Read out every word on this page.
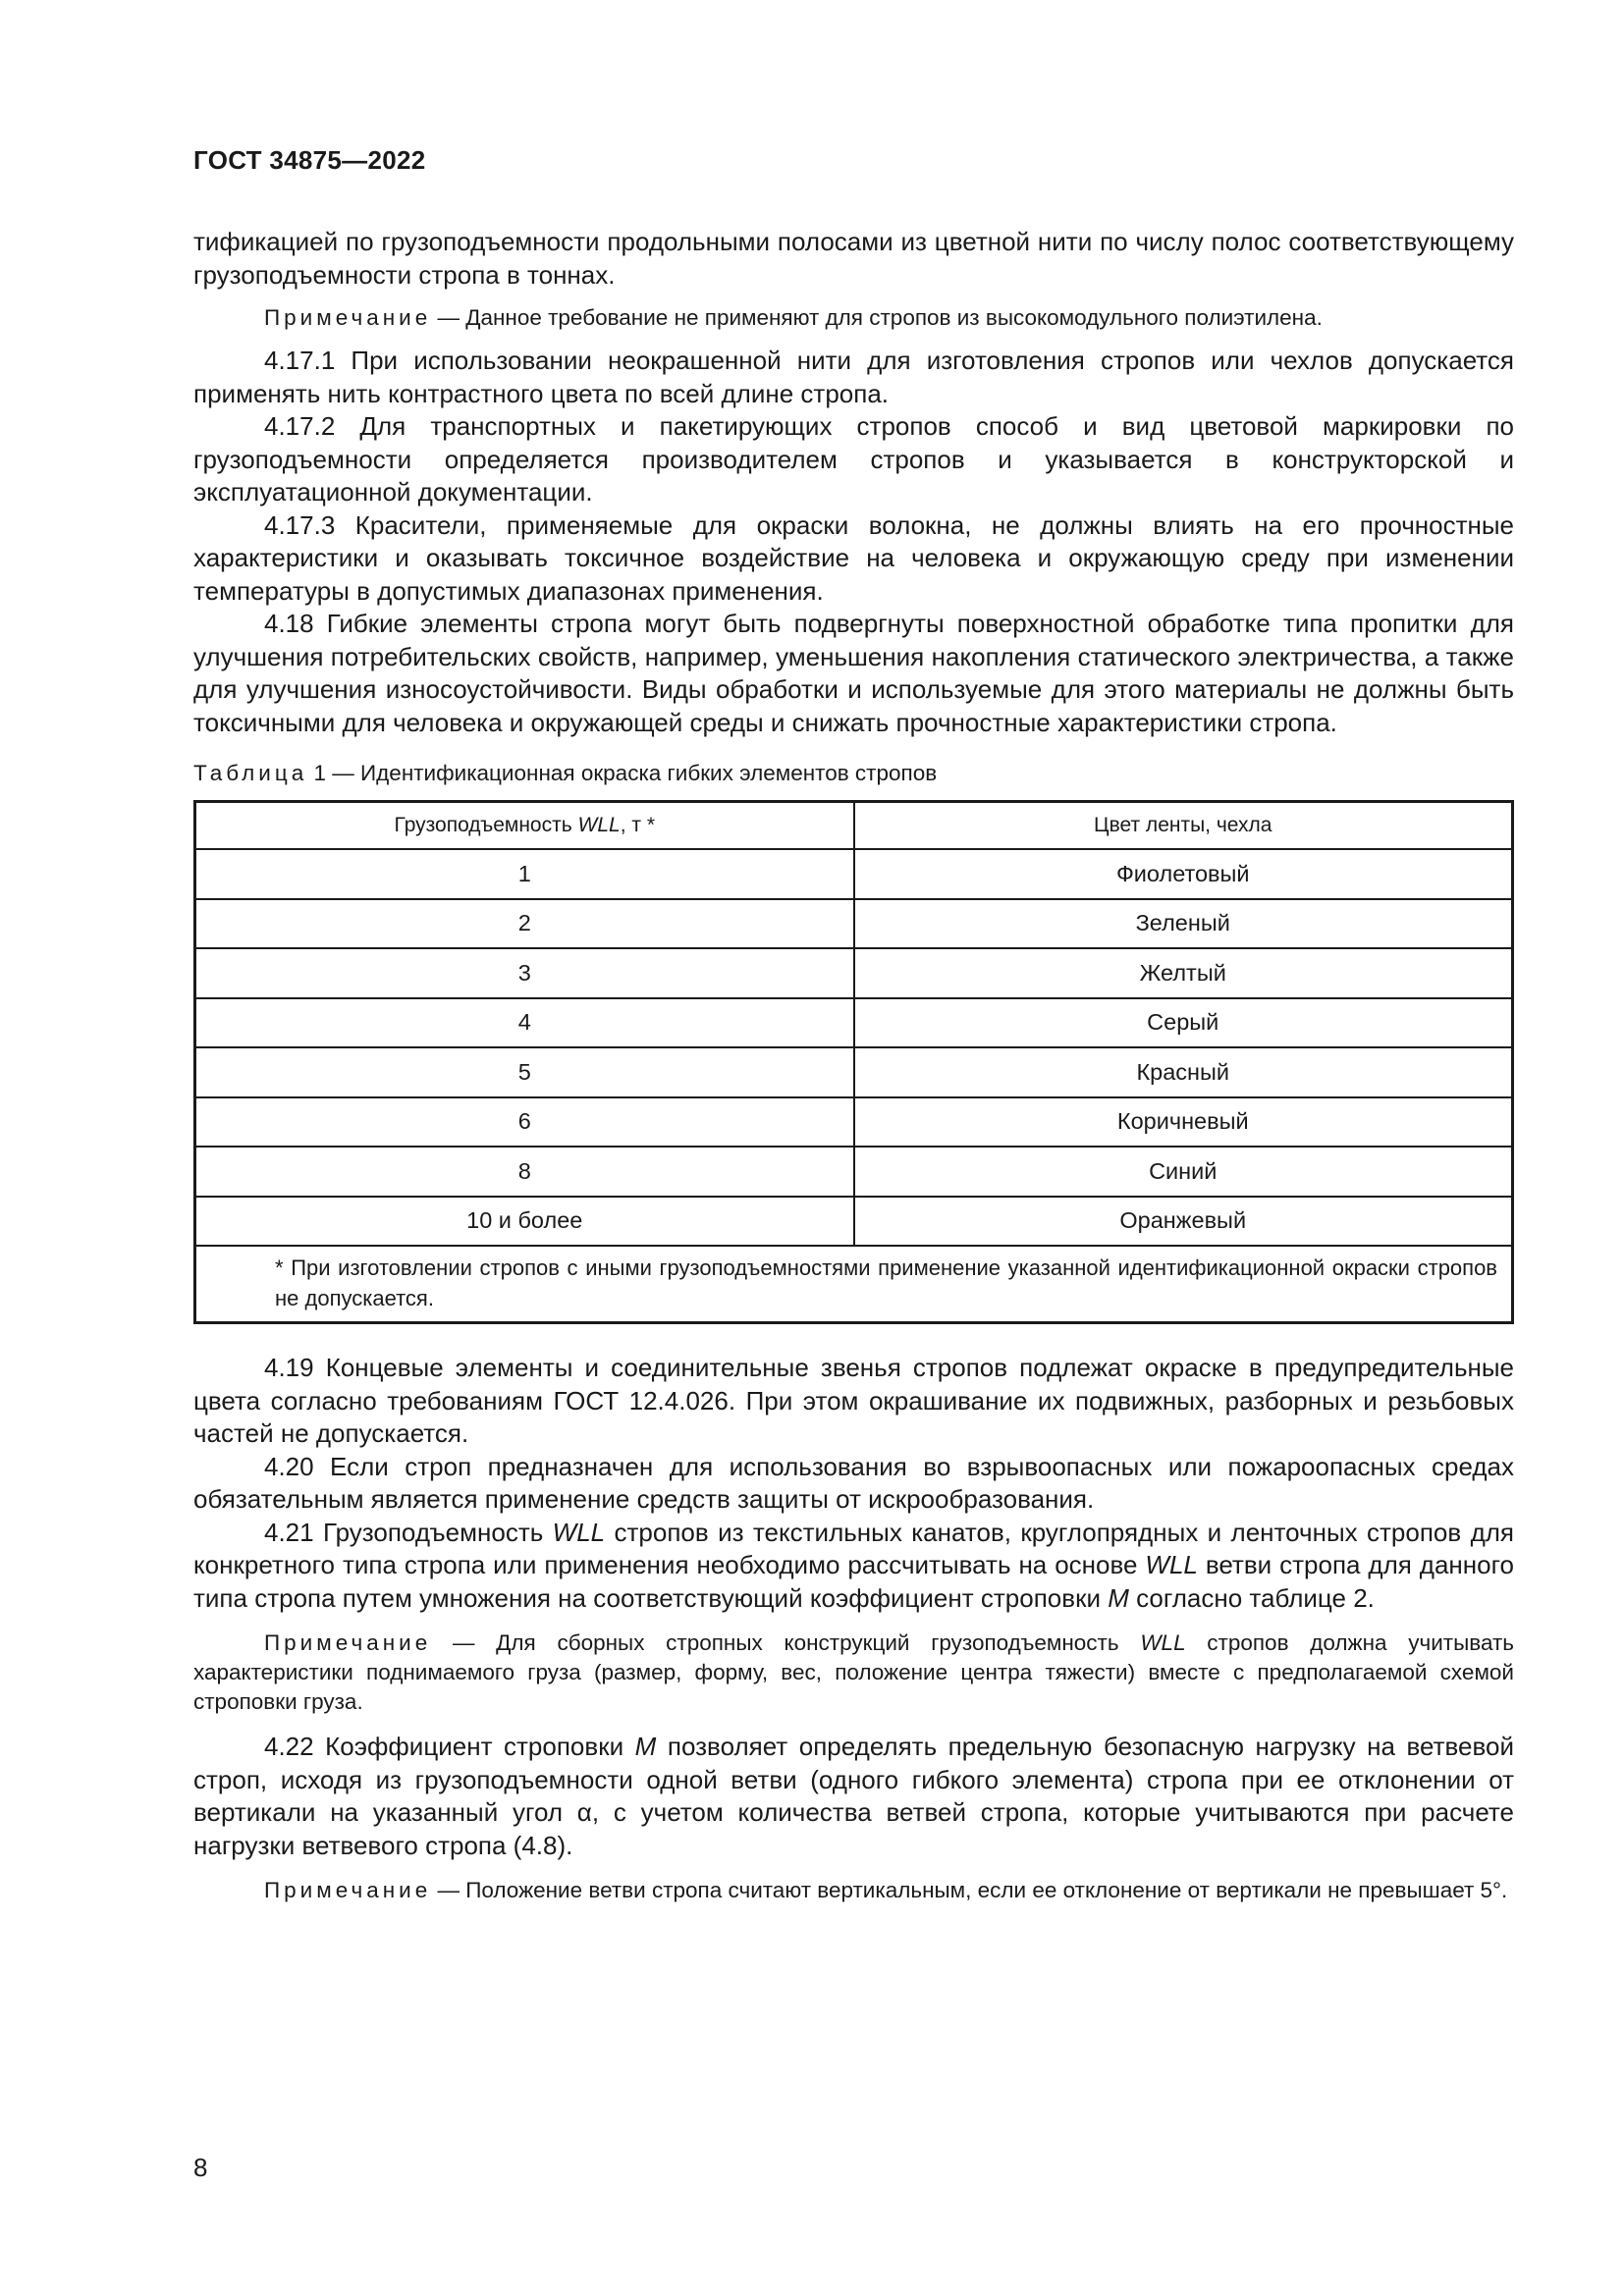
ГОСТ 34875—2022

тификацией по грузоподъемности продольными полосами из цветной нити по числу полос соответствующему грузоподъемности стропа в тоннах.

Примечание — Данное требование не применяют для стропов из высокомодульного полиэтилена.

4.17.1 При использовании неокрашенной нити для изготовления стропов или чехлов допускается применять нить контрастного цвета по всей длине стропа.

4.17.2 Для транспортных и пакетирующих стропов способ и вид цветовой маркировки по грузоподъемности определяется производителем стропов и указывается в конструкторской и эксплуатационной документации.

4.17.3 Красители, применяемые для окраски волокна, не должны влиять на его прочностные характеристики и оказывать токсичное воздействие на человека и окружающую среду при изменении температуры в допустимых диапазонах применения.

4.18 Гибкие элементы стропа могут быть подвергнуты поверхностной обработке типа пропитки для улучшения потребительских свойств, например, уменьшения накопления статического электричества, а также для улучшения износоустойчивости. Виды обработки и используемые для этого материалы не должны быть токсичными для человека и окружающей среды и снижать прочностные характеристики стропа.

Таблица 1 — Идентификационная окраска гибких элементов стропов

Грузоподъемность WLL, т *	Цвет ленты, чехла
1	Фиолетовый
2	Зеленый
3	Желтый
4	Серый
5	Красный
6	Коричневый
8	Синий
10 и более	Оранжевый
* При изготовлении стропов с иными грузоподъемностями применение указанной идентификационной окраски стропов не допускается.	

4.19 Концевые элементы и соединительные звенья стропов подлежат окраске в предупредительные цвета согласно требованиям ГОСТ 12.4.026. При этом окрашивание их подвижных, разборных и резьбовых частей не допускается.

4.20 Если строп предназначен для использования во взрывоопасных или пожароопасных средах обязательным является применение средств защиты от искрообразования.

4.21 Грузоподъемность WLL стропов из текстильных канатов, круглопрядных и ленточных стропов для конкретного типа стропа или применения необходимо рассчитывать на основе WLL ветви стропа для данного типа стропа путем умножения на соответствующий коэффициент строповки M согласно таблице 2.

Примечание — Для сборных стропных конструкций грузоподъемность WLL стропов должна учитывать характеристики поднимаемого груза (размер, форму, вес, положение центра тяжести) вместе с предполагаемой схемой строповки груза.

4.22 Коэффициент строповки M позволяет определять предельную безопасную нагрузку на ветвевой строп, исходя из грузоподъемности одной ветви (одного гибкого элемента) стропа при ее отклонении от вертикали на указанный угол α, с учетом количества ветвей стропа, которые учитываются при расчете нагрузки ветвевого стропа (4.8).

Примечание — Положение ветви стропа считают вертикальным, если ее отклонение от вертикали не превышает 5°.

8
